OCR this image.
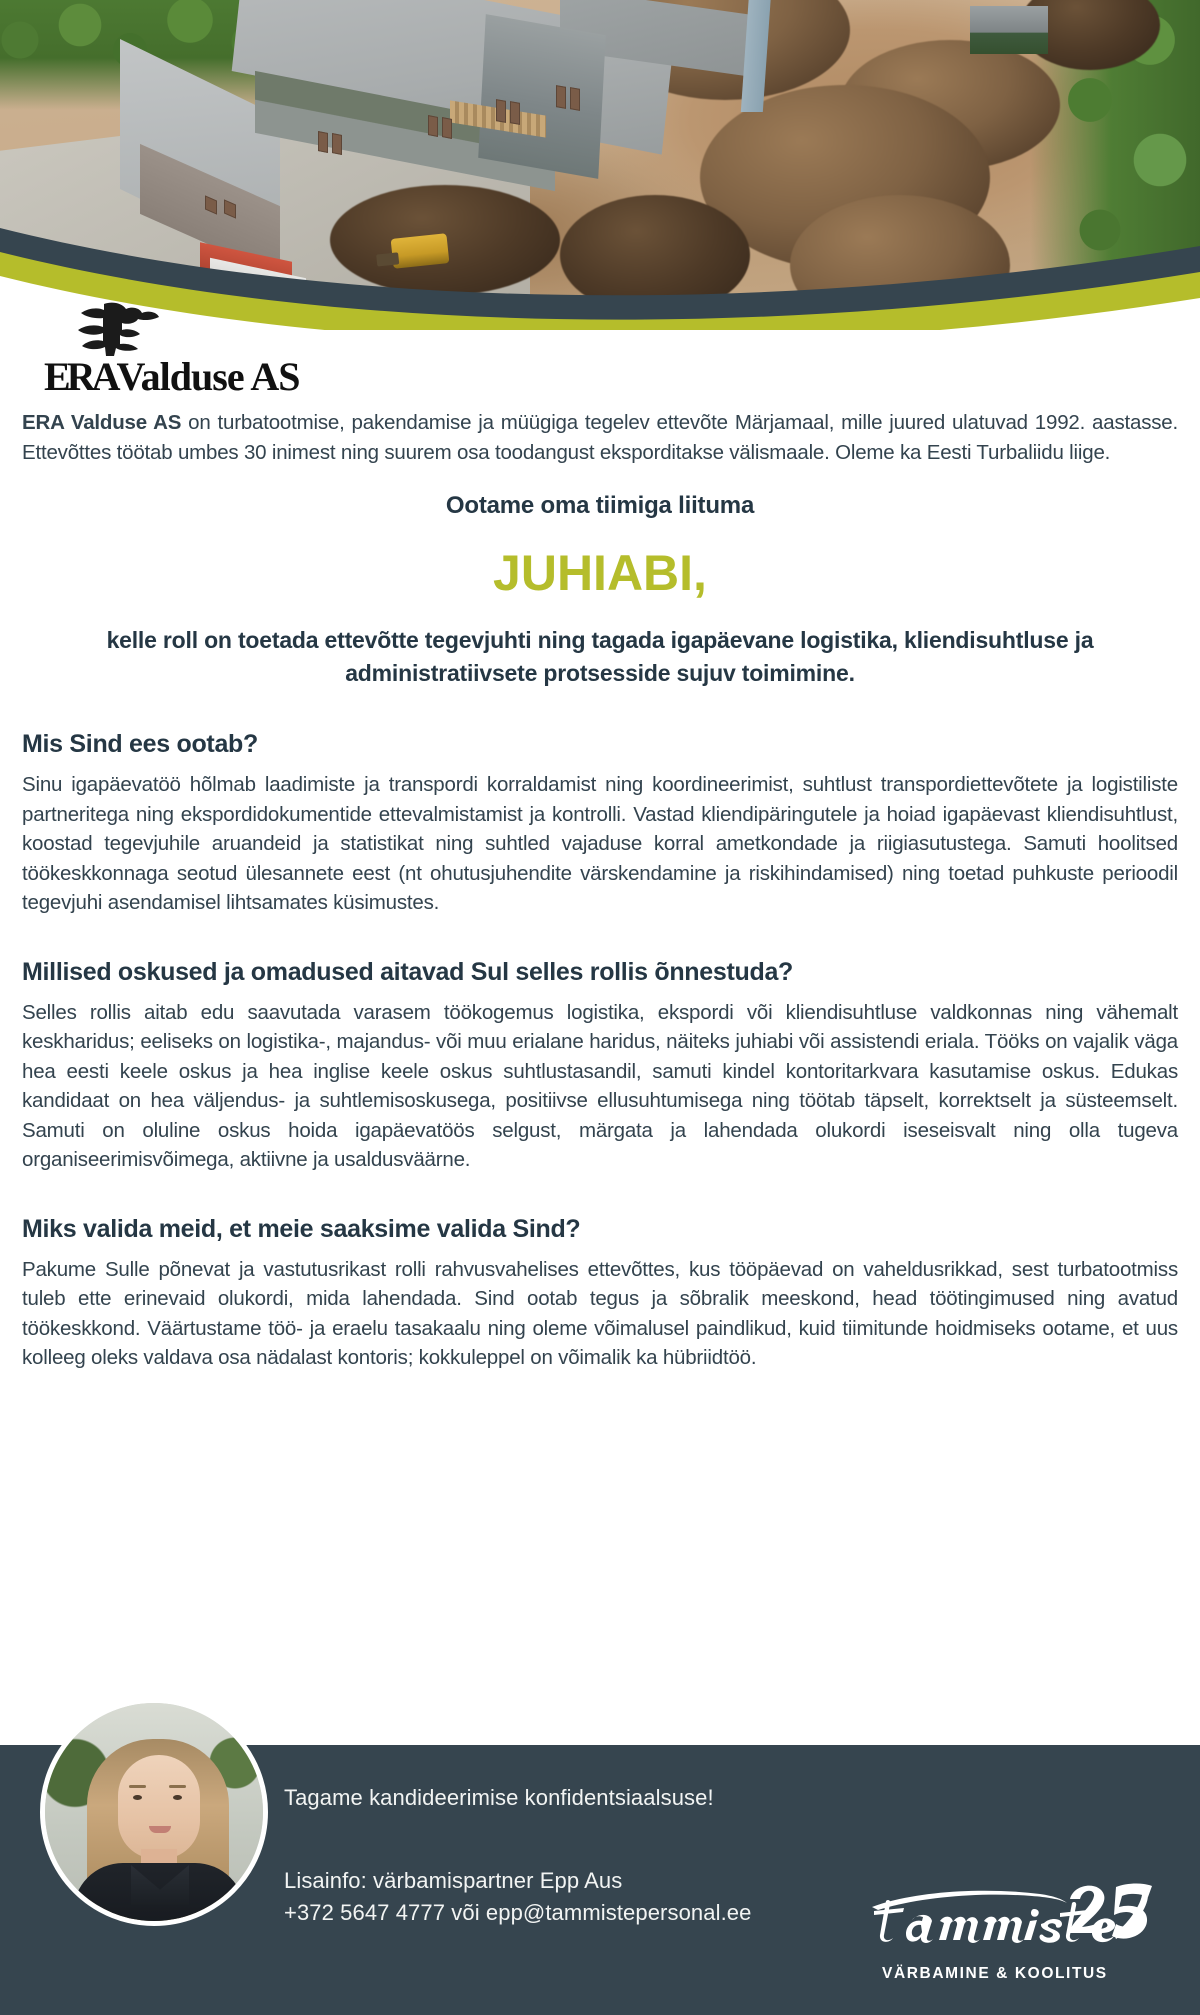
ERAValduse AS

ERA Valduse AS on turbatootmise, pakendamise ja müügiga tegelev ettevõte Märjamaal, mille juured ulatuvad 1992. aastasse. Ettevõttes töötab umbes 30 inimest ning suurem osa toodangust eksporditakse välismaale. Oleme ka Eesti Turbaliidu liige.

Ootame oma tiimiga liituma

JUHIABI,

kelle roll on toetada ettevõtte tegevjuhti ning tagada igapäevane logistika, kliendisuhtluse ja administratiivsete protsesside sujuv toimimine.

Mis Sind ees ootab?

Sinu igapäevatöö hõlmab laadimiste ja transpordi korraldamist ning koordineerimist, suhtlust transpordiettevõtete ja logistiliste partneritega ning ekspordidokumentide ettevalmistamist ja kontrolli. Vastad kliendipäringutele ja hoiad igapäevast kliendisuhtlust, koostad tegevjuhile aruandeid ja statistikat ning suhtled vajaduse korral ametkondade ja riigiasutustega. Samuti hoolitsed töökeskkonnaga seotud ülesannete eest (nt ohutusjuhendite värskendamine ja riskihindamised) ning toetad puhkuste perioodil tegevjuhi asendamisel lihtsamates küsimustes.

Millised oskused ja omadused aitavad Sul selles rollis õnnestuda?

Selles rollis aitab edu saavutada varasem töökogemus logistika, ekspordi või kliendisuhtluse valdkonnas ning vähemalt keskharidus; eeliseks on logistika-, majandus- või muu erialane haridus, näiteks juhiabi või assistendi eriala. Tööks on vajalik väga hea eesti keele oskus ja hea inglise keele oskus suhtlustasandil, samuti kindel kontoritarkvara kasutamise oskus. Edukas kandidaat on hea väljendus- ja suhtlemisoskusega, positiivse ellusuhtumisega ning töötab täpselt, korrektselt ja süsteemselt. Samuti on oluline oskus hoida igapäevatöös selgust, märgata ja lahendada olukordi iseseisvalt ning olla tugeva organiseerimisvõimega, aktiivne ja usaldusväärne.

Miks valida meid, et meie saaksime valida Sind?

Pakume Sulle põnevat ja vastutusrikast rolli rahvusvahelises ettevõttes, kus tööpäevad on vaheldusrikkad, sest turbatootmiss tuleb ette erinevaid olukordi, mida lahendada. Sind ootab tegus ja sõbralik meeskond, head töötingimused ning avatud töökeskkond. Väärtustame töö- ja eraelu tasakaalu ning oleme võimalusel paindlikud, kuid tiimitunde hoidmiseks ootame, et uus kolleeg oleks valdava osa nädalast kontoris; kokkuleppel on võimalik ka hübriidtöö.

Tagame kandideerimise konfidentsiaalsuse!
Lisainfo: värbamispartner Epp Aus
+372 5647 4777 või epp@tammistepersonal.ee
VÄRBAMINE & KOOLITUS
